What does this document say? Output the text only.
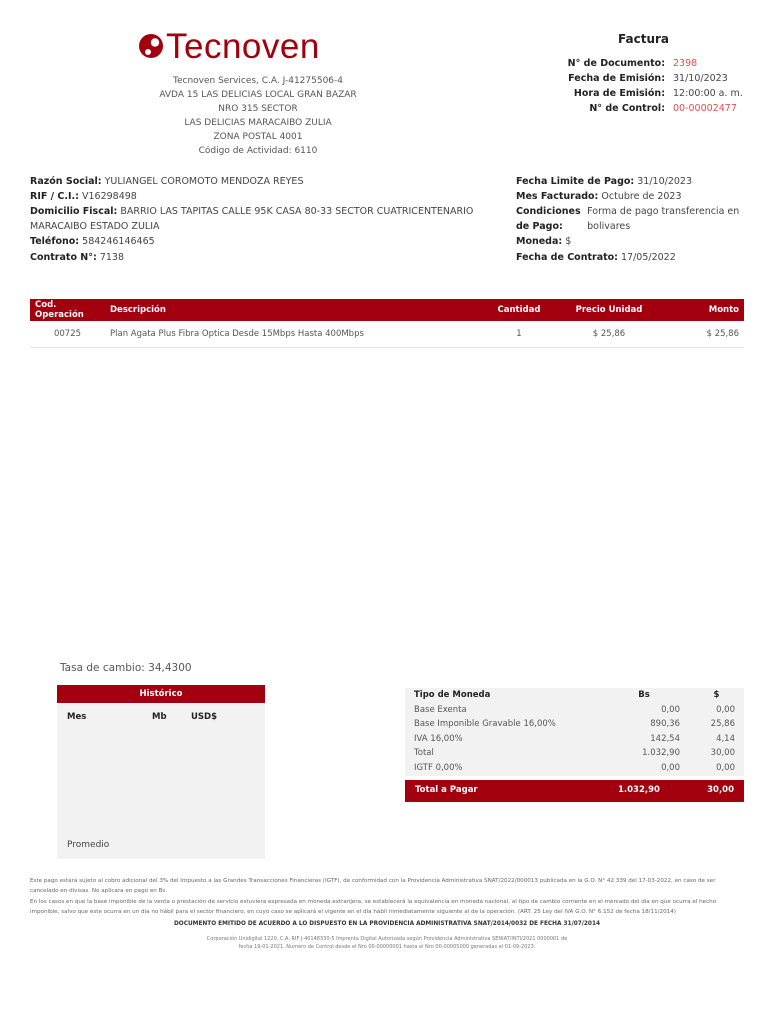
Tecnoven
Tecnoven Services, C.A. J-41275506-4
AVDA 15 LAS DELICIAS LOCAL GRAN BAZAR
NRO 315 SECTOR
LAS DELICIAS MARACAIBO ZULIA
ZONA POSTAL 4001
Código de Actividad: 6110
Factura
N° de Documento: 2398
Fecha de Emisión: 31/10/2023
Hora de Emisión: 12:00:00 a. m.
N° de Control: 00-00002477
Razón Social: YULIANGEL COROMOTO MENDOZA REYES
RIF / C.I.: V16298498
Domicilio Fiscal: BARRIO LAS TAPITAS CALLE 95K CASA 80-33 SECTOR CUATRICENTENARIO MARACAIBO ESTADO ZULIA
Teléfono: 584246146465
Contrato N°: 7138
Fecha Limite de Pago: 31/10/2023
Mes Facturado: Octubre de 2023
Condiciones de Pago:
Forma de pago transferencia en bolivares
Moneda: $
Fecha de Contrato: 17/05/2022
Cod. Operación	Descripción	Cantidad	Precio Unidad	Monto
00725	Plan Agata Plus Fibra Optica Desde 15Mbps Hasta 400Mbps	1	$ 25,86	$ 25,86
Tasa de cambio: 34,4300
Histórico
Mes	Mb	USD$
Promedio
Tipo de Moneda	Bs	$
Base Exenta	0,00	0,00
Base Imponible Gravable 16,00%	890,36	25,86
IVA 16,00%	142,54	4,14
Total	1.032,90	30,00
IGTF 0,00%	0,00	0,00
Total a Pagar	1.032,90	30,00

Este pago estará sujeto al cobro adicional del 3% del Impuesto a las Grandes Transacciones Financieras (IGTF), de conformidad con la Providencia Administrativa SNAT/2022/000013 publicada en la G.O. N° 42.339 del 17-03-2022, en caso de ser cancelado en divisas. No aplicara en pago en Bs.

En los casos en que la base imponible de la venta o prestación de servicio estuviera expresada en moneda extranjera, se establecerá la equivalencia en moneda nacional, al tipo de cambio corriente en el mercado del día en que ocurra el hecho imponible, salvo que éste ocurra en un día no hábil para el sector financiero, en cuyo caso se aplicará el vigente en el día hábil inmediatamente siguiente al de la operación. (ART. 25 Ley del IVA G.O. N° 6.152 de fecha 18/11/2014)

DOCUMENTO EMITIDO DE ACUERDO A LO DISPUESTO EN LA PROVIDENCIA ADMINISTRATIVA SNAT/2014/0032 DE FECHA 31/07/2014
Corporación Unidigital 1220, C.A. RIF J-40148330-5 Imprenta Digital Autorizada según Providencia Administrativa SENIAT/INTI/2021 0000001 de
fecha 19-01-2021, Numero de Control desde el Nro 00-00000001 hasta el Nro 00-00005000 generadas el 01-09-2023.
